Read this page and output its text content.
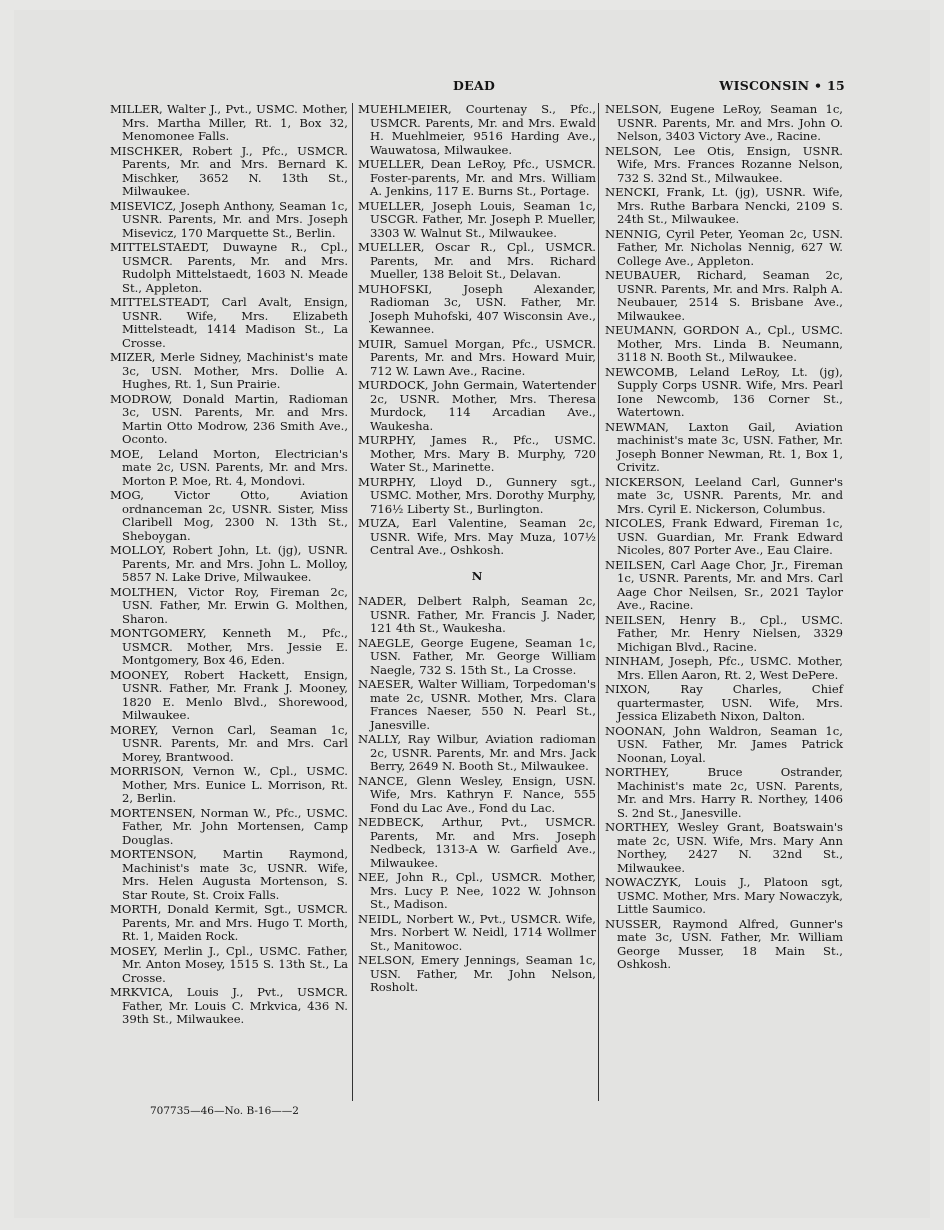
DEAD	WISCONSIN • 15
MILLER, Walter J., Pvt., USMC. Mother, Mrs. Martha Miller, Rt. 1, Box 32, Menomonee Falls.
MISCHKER, Robert J., Pfc., USMCR. Parents, Mr. and Mrs. Bernard K. Mischker, 3652 N. 13th St., Milwaukee.
MISEVICZ, Joseph Anthony, Seaman 1c, USNR. Parents, Mr. and Mrs. Joseph Misevicz, 170 Marquette St., Berlin.
MITTELSTAEDT, Duwayne R., Cpl., USMCR. Parents, Mr. and Mrs. Rudolph Mittelstaedt, 1603 N. Meade St., Appleton.
MITTELSTEADT, Carl Avalt, Ensign, USNR. Wife, Mrs. Elizabeth Mittelsteadt, 1414 Madison St., La Crosse.
MIZER, Merle Sidney, Machinist's mate 3c, USN. Mother, Mrs. Dollie A. Hughes, Rt. 1, Sun Prairie.
MODROW, Donald Martin, Radioman 3c, USN. Parents, Mr. and Mrs. Martin Otto Modrow, 236 Smith Ave., Oconto.
MOE, Leland Morton, Electrician's mate 2c, USN. Parents, Mr. and Mrs. Morton P. Moe, Rt. 4, Mondovi.
MOG, Victor Otto, Aviation ordnanceman 2c, USNR. Sister, Miss Claribell Mog, 2300 N. 13th St., Sheboygan.
MOLLOY, Robert John, Lt. (jg), USNR. Parents, Mr. and Mrs. John L. Molloy, 5857 N. Lake Drive, Milwaukee.
MOLTHEN, Victor Roy, Fireman 2c, USN. Father, Mr. Erwin G. Molthen, Sharon.
MONTGOMERY, Kenneth M., Pfc., USMCR. Mother, Mrs. Jessie E. Montgomery, Box 46, Eden.
MOONEY, Robert Hackett, Ensign, USNR. Father, Mr. Frank J. Mooney, 1820 E. Menlo Blvd., Shorewood, Milwaukee.
MOREY, Vernon Carl, Seaman 1c, USNR. Parents, Mr. and Mrs. Carl Morey, Brantwood.
MORRISON, Vernon W., Cpl., USMC. Mother, Mrs. Eunice L. Morrison, Rt. 2, Berlin.
MORTENSEN, Norman W., Pfc., USMC. Father, Mr. John Mortensen, Camp Douglas.
MORTENSON, Martin Raymond, Machinist's mate 3c, USNR. Wife, Mrs. Helen Augusta Mortenson, S. Star Route, St. Croix Falls.
MORTH, Donald Kermit, Sgt., USMCR. Parents, Mr. and Mrs. Hugo T. Morth, Rt. 1, Maiden Rock.
MOSEY, Merlin J., Cpl., USMC. Father, Mr. Anton Mosey, 1515 S. 13th St., La Crosse.
MRKVICA, Louis J., Pvt., USMCR. Father, Mr. Louis C. Mrkvica, 436 N. 39th St., Milwaukee.
MUEHLMEIER, Courtenay S., Pfc., USMCR. Parents, Mr. and Mrs. Ewald H. Muehlmeier, 9516 Harding Ave., Wauwatosa, Milwaukee.
MUELLER, Dean LeRoy, Pfc., USMCR. Foster-parents, Mr. and Mrs. William A. Jenkins, 117 E. Burns St., Portage.
MUELLER, Joseph Louis, Seaman 1c, USCGR. Father, Mr. Joseph P. Mueller, 3303 W. Walnut St., Milwaukee.
MUELLER, Oscar R., Cpl., USMCR. Parents, Mr. and Mrs. Richard Mueller, 138 Beloit St., Delavan.
MUHOFSKI, Joseph Alexander, Radioman 3c, USN. Father, Mr. Joseph Muhofski, 407 Wisconsin Ave., Kewannee.
MUIR, Samuel Morgan, Pfc., USMCR. Parents, Mr. and Mrs. Howard Muir, 712 W. Lawn Ave., Racine.
MURDOCK, John Germain, Watertender 2c, USNR. Mother, Mrs. Theresa Murdock, 114 Arcadian Ave., Waukesha.
MURPHY, James R., Pfc., USMC. Mother, Mrs. Mary B. Murphy, 720 Water St., Marinette.
MURPHY, Lloyd D., Gunnery sgt., USMC. Mother, Mrs. Dorothy Murphy, 716½ Liberty St., Burlington.
MUZA, Earl Valentine, Seaman 2c, USNR. Wife, Mrs. May Muza, 107½ Central Ave., Oshkosh.
N
NADER, Delbert Ralph, Seaman 2c, USNR. Father, Mr. Francis J. Nader, 121 4th St., Waukesha.
NAEGLE, George Eugene, Seaman 1c, USN. Father, Mr. George William Naegle, 732 S. 15th St., La Crosse.
NAESER, Walter William, Torpedoman's mate 2c, USNR. Mother, Mrs. Clara Frances Naeser, 550 N. Pearl St., Janesville.
NALLY, Ray Wilbur, Aviation radioman 2c, USNR. Parents, Mr. and Mrs. Jack Berry, 2649 N. Booth St., Milwaukee.
NANCE, Glenn Wesley, Ensign, USN. Wife, Mrs. Kathryn F. Nance, 555 Fond du Lac Ave., Fond du Lac.
NEDBECK, Arthur, Pvt., USMCR. Parents, Mr. and Mrs. Joseph Nedbeck, 1313-A W. Garfield Ave., Milwaukee.
NEE, John R., Cpl., USMCR. Mother, Mrs. Lucy P. Nee, 1022 W. Johnson St., Madison.
NEIDL, Norbert W., Pvt., USMCR. Wife, Mrs. Norbert W. Neidl, 1714 Wollmer St., Manitowoc.
NELSON, Emery Jennings, Seaman 1c, USN. Father, Mr. John Nelson, Rosholt.
NELSON, Eugene LeRoy, Seaman 1c, USNR. Parents, Mr. and Mrs. John O. Nelson, 3403 Victory Ave., Racine.
NELSON, Lee Otis, Ensign, USNR. Wife, Mrs. Frances Rozanne Nelson, 732 S. 32nd St., Milwaukee.
NENCKI, Frank, Lt. (jg), USNR. Wife, Mrs. Ruthe Barbara Nencki, 2109 S. 24th St., Milwaukee.
NENNIG, Cyril Peter, Yeoman 2c, USN. Father, Mr. Nicholas Nennig, 627 W. College Ave., Appleton.
NEUBAUER, Richard, Seaman 2c, USNR. Parents, Mr. and Mrs. Ralph A. Neubauer, 2514 S. Brisbane Ave., Milwaukee.
NEUMANN, GORDON A., Cpl., USMC. Mother, Mrs. Linda B. Neumann, 3118 N. Booth St., Milwaukee.
NEWCOMB, Leland LeRoy, Lt. (jg), Supply Corps USNR. Wife, Mrs. Pearl Ione Newcomb, 136 Corner St., Watertown.
NEWMAN, Laxton Gail, Aviation machinist's mate 3c, USN. Father, Mr. Joseph Bonner Newman, Rt. 1, Box 1, Crivitz.
NICKERSON, Leeland Carl, Gunner's mate 3c, USNR. Parents, Mr. and Mrs. Cyril E. Nickerson, Columbus.
NICOLES, Frank Edward, Fireman 1c, USN. Guardian, Mr. Frank Edward Nicoles, 807 Porter Ave., Eau Claire.
NEILSEN, Carl Aage Chor, Jr., Fireman 1c, USNR. Parents, Mr. and Mrs. Carl Aage Chor Neilsen, Sr., 2021 Taylor Ave., Racine.
NEILSEN, Henry B., Cpl., USMC. Father, Mr. Henry Nielsen, 3329 Michigan Blvd., Racine.
NINHAM, Joseph, Pfc., USMC. Mother, Mrs. Ellen Aaron, Rt. 2, West DePere.
NIXON, Ray Charles, Chief quartermaster, USN. Wife, Mrs. Jessica Elizabeth Nixon, Dalton.
NOONAN, John Waldron, Seaman 1c, USN. Father, Mr. James Patrick Noonan, Loyal.
NORTHEY, Bruce Ostrander, Machinist's mate 2c, USN. Parents, Mr. and Mrs. Harry R. Northey, 1406 S. 2nd St., Janesville.
NORTHEY, Wesley Grant, Boatswain's mate 2c, USN. Wife, Mrs. Mary Ann Northey, 2427 N. 32nd St., Milwaukee.
NOWACZYK, Louis J., Platoon sgt, USMC. Mother, Mrs. Mary Nowaczyk, Little Saumico.
NUSSER, Raymond Alfred, Gunner's mate 3c, USN. Father, Mr. William George Musser, 18 Main St., Oshkosh.
707735—46—No. B-16——2
